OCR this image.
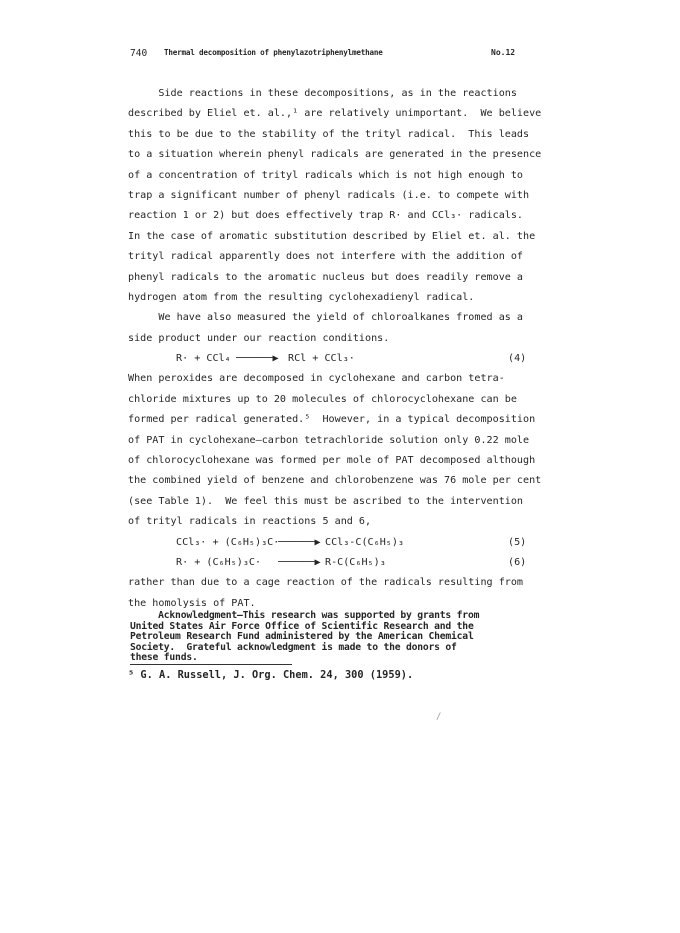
740 Thermal decomposition of phenylazotriphenylmethane	No.12
Side reactions in these decompositions, as in the reactions
described by Eliel et. al.,¹ are relatively unimportant.  We believe
this to be due to the stability of the trityl radical.  This leads
to a situation wherein phenyl radicals are generated in the presence
of a concentration of trityl radicals which is not high enough to
trap a significant number of phenyl radicals (i.e. to compete with
reaction 1 or 2) but does effectively trap R· and CCl₃· radicals.
In the case of aromatic substitution described by Eliel et. al. the
trityl radical apparently does not interfere with the addition of
phenyl radicals to the aromatic nucleus but does readily remove a
hydrogen atom from the resulting cyclohexadienyl radical.
We have also measured the yield of chloroalkanes fromed as a
side product under our reaction conditions.

R· + CCl₄

──────▶

RCl + CCl₃·

	(4)

When peroxides are decomposed in cyclohexane and carbon tetra-
chloride mixtures up to 20 molecules of chlorocyclohexane can be
formed per radical generated.⁵  However, in a typical decomposition
of PAT in cyclohexane—carbon tetrachloride solution only 0.22 mole
of chlorocyclohexane was formed per mole of PAT decomposed although
the combined yield of benzene and chlorobenzene was 76 mole per cent
(see Table 1).  We feel this must be ascribed to the intervention
of trityl radicals in reactions 5 and 6,

CCl₃· + (C₆H₅)₃C·

──────▶

CCl₃-C(C₆H₅)₃

	(5)

R· + (C₆H₅)₃C·

──────▶

R-C(C₆H₅)₃

	(6)

rather than due to a cage reaction of the radicals resulting from
the homolysis of PAT.
Acknowledgment—This research was supported by grants from
United States Air Force Office of Scientific Research and the
Petroleum Research Fund administered by the American Chemical
Society.  Grateful acknowledgment is made to the donors of
these funds.
⁵ G. A. Russell, J. Org. Chem. 24, 300 (1959).
/
